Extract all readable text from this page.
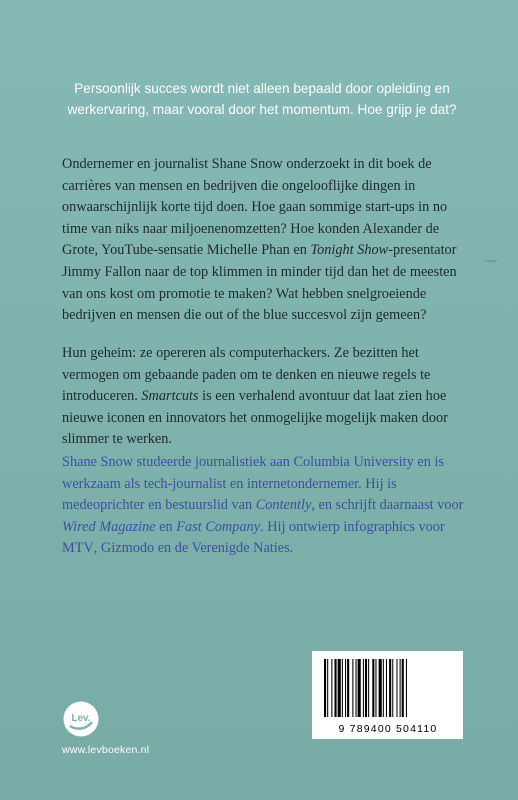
Persoonlijk succes wordt niet alleen bepaald door opleiding en werkervaring, maar vooral door het momentum. Hoe grijp je dat?

Ondernemer en journalist Shane Snow onderzoekt in dit boek de carrières van mensen en bedrijven die ongelooflijke dingen in onwaarschijnlijk korte tijd doen. Hoe gaan sommige start-ups in no time van niks naar miljoenenomzetten? Hoe konden Alexander de Grote, YouTube-sensatie Michelle Phan en Tonight Show-presentator Jimmy Fallon naar de top klimmen in minder tijd dan het de meesten van ons kost om promotie te maken? Wat hebben snelgroeiende bedrijven en mensen die out of the blue succesvol zijn gemeen?

Hun geheim: ze opereren als computerhackers. Ze bezitten het vermogen om gebaande paden om te denken en nieuwe regels te introduceren. Smartcuts is een verhalend avontuur dat laat zien hoe nieuwe iconen en innovators het onmogelijke mogelijk maken door slimmer te werken.

Shane Snow studeerde journalistiek aan Columbia University en is werkzaam als tech-journalist en internetondernemer. Hij is medeoprichter en bestuurslid van Contently, en schrijft daarnaast voor Wired Magazine en Fast Company. Hij ontwierp infographics voor MTV, Gizmodo en de Verenigde Naties.

Ls/jgw
Lev.
www.levboeken.nl
9 789400 504110
